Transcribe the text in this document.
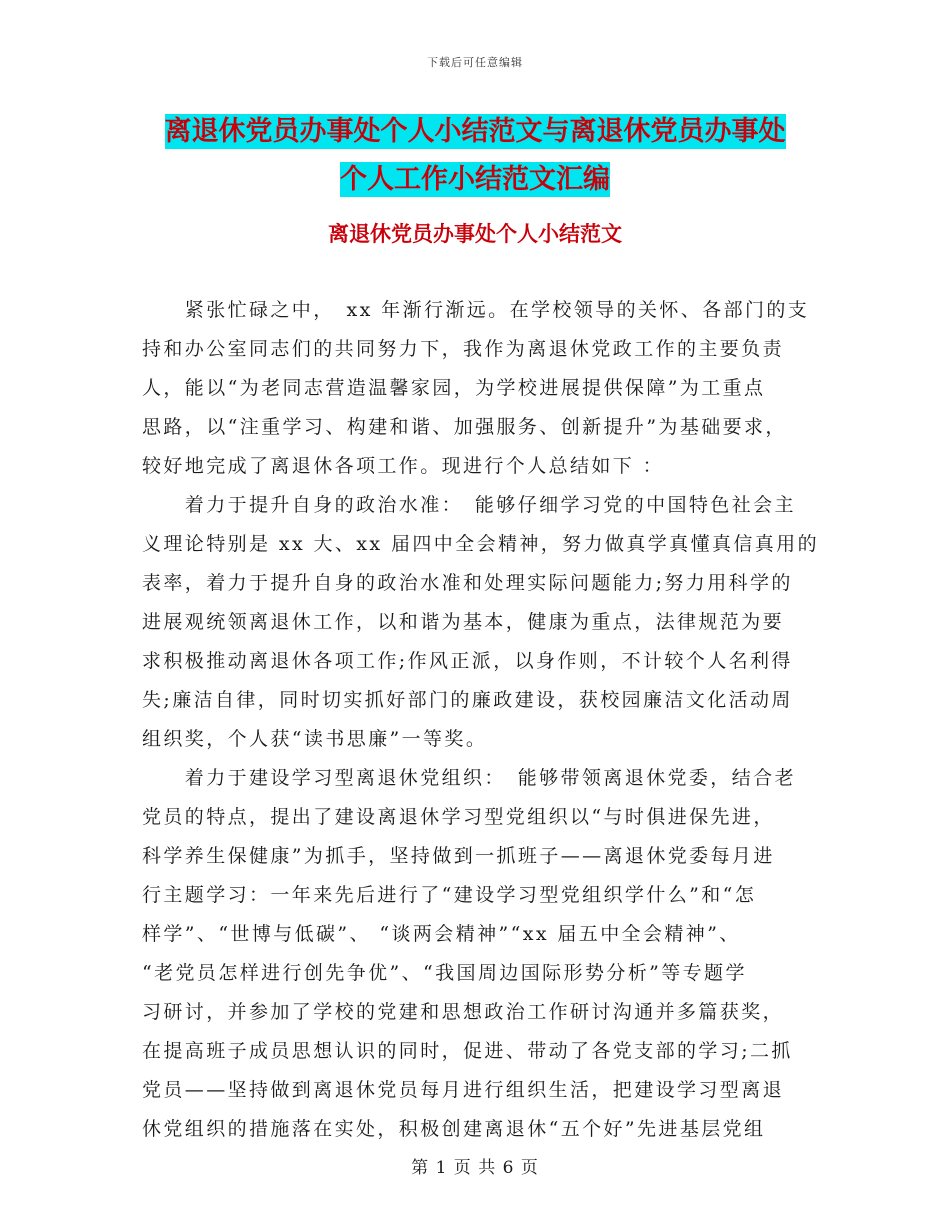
下载后可任意编辑
离退休党员办事处个人小结范文与离退休党员办事处
个人工作小结范文汇编
离退休党员办事处个人小结范文
　　紧张忙碌之中，　xx 年渐行渐远。在学校领导的关怀、各部门的支
持和办公室同志们的共同努力下，我作为离退休党政工作的主要负责
人，能以“为老同志营造温馨家园，为学校进展提供保障”为工重点
思路，以“注重学习、构建和谐、加强服务、创新提升”为基础要求，
较好地完成了离退休各项工作。现进行个人总结如下 ：
　　着力于提升自身的政治水准：　能够仔细学习党的中国特色社会主
义理论特别是 xx 大、xx 届四中全会精神，努力做真学真懂真信真用的
表率，着力于提升自身的政治水准和处理实际问题能力;努力用科学的
进展观统领离退休工作，以和谐为基本，健康为重点，法律规范为要
求积极推动离退休各项工作;作风正派，以身作则，不计较个人名利得
失;廉洁自律，同时切实抓好部门的廉政建设，获校园廉洁文化活动周
组织奖，个人获“读书思廉”一等奖。
　　着力于建设学习型离退休党组织：　能够带领离退休党委，结合老
党员的特点，提出了建设离退休学习型党组织以“与时俱进保先进，
科学养生保健康”为抓手，坚持做到一抓班子——离退休党委每月进
行主题学习：一年来先后进行了“建设学习型党组织学什么”和“怎
样学”、“世博与低碳”、 “谈两会精神”“xx 届五中全会精神”、
“老党员怎样进行创先争优”、“我国周边国际形势分析”等专题学
习研讨，并参加了学校的党建和思想政治工作研讨沟通并多篇获奖，
在提高班子成员思想认识的同时，促进、带动了各党支部的学习;二抓
党员——坚持做到离退休党员每月进行组织生活，把建设学习型离退
休党组织的措施落在实处，积极创建离退休“五个好”先进基层党组
第 1 页 共 6 页
